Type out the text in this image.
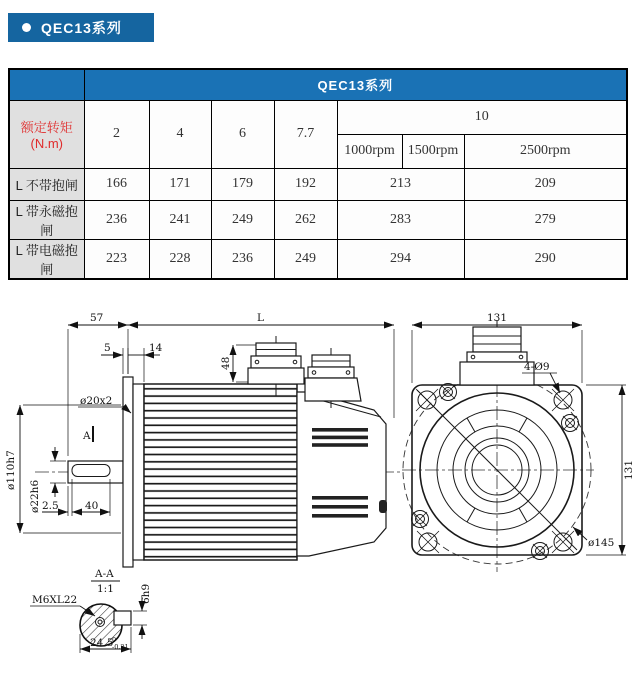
QEC13系列
	QEC13系列						
额定转矩(N.m)	2	4	6	7.7	10		
					1000rpm	1500rpm	2500rpm
L 不带抱闸	166	171	179	192	213		209
L 带永磁抱闸	236	241	249	262	283		279
L 带电磁抱闸	223	228	236	249	294		290
57	L
5	14
48
ø20x2
A
ø110h7
ø22h6 2.5	40
A-A
1:1
M6XL22	6h9
24.5
0
-0.21
131
131
4-Ø9
ø145
